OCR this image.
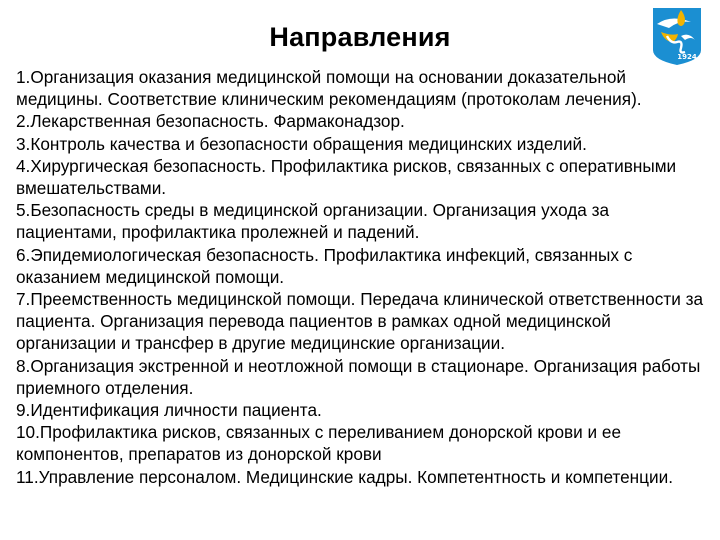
Направления
1924
1.Организация оказания медицинской помощи на основании доказательной медицины. Соответствие клиническим рекомендациям (протоколам лечения).
2.Лекарственная безопасность. Фармаконадзор.
3.Контроль качества и безопасности обращения медицинских изделий.
4.Хирургическая безопасность. Профилактика рисков, связанных с оперативными вмешательствами.
5.Безопасность среды в медицинской организации. Организация ухода за пациентами, профилактика пролежней и падений.
6.Эпидемиологическая безопасность. Профилактика инфекций, связанных с оказанием медицинской помощи.
7.Преемственность медицинской помощи. Передача клинической ответственности за пациента. Организация перевода пациентов в рамках одной медицинской организации и трансфер в другие медицинские организации.
8.Организация экстренной и неотложной помощи в стационаре. Организация работы приемного отделения.
9.Идентификация личности пациента.
10.Профилактика рисков, связанных с переливанием донорской крови и ее компонентов, препаратов из донорской крови
11.Управление персоналом. Медицинские кадры. Компетентность и компетенции.
